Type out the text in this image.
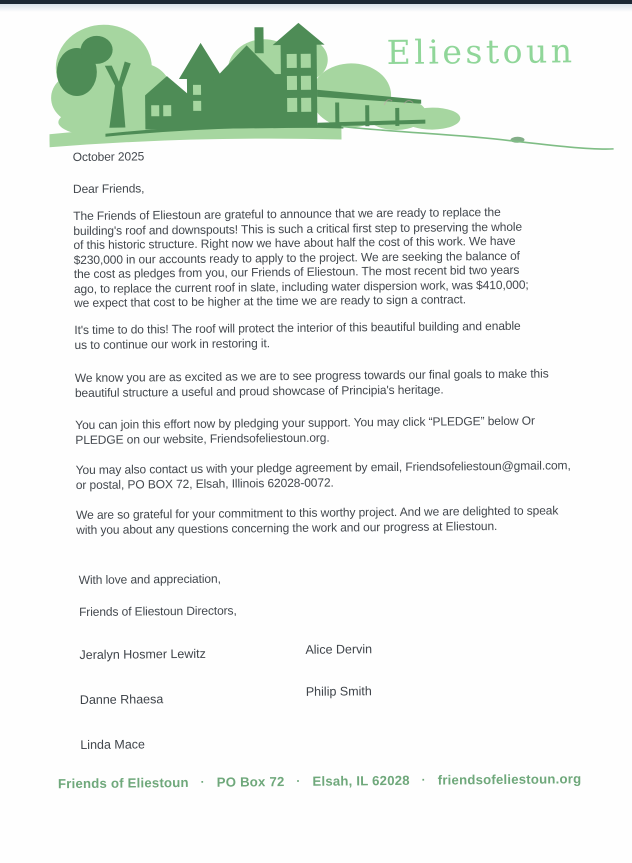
Eliestoun
October 2025
Dear Friends,
The Friends of Eliestoun are grateful to announce that we are ready to replace the
building's roof and downspouts! This is such a critical first step to preserving the whole
of this historic structure. Right now we have about half the cost of this work. We have
$230,000 in our accounts ready to apply to the project. We are seeking the balance of
the cost as pledges from you, our Friends of Eliestoun. The most recent bid two years
ago, to replace the current roof in slate, including water dispersion work, was $410,000;
we expect that cost to be higher at the time we are ready to sign a contract.
It's time to do this! The roof will protect the interior of this beautiful building and enable
us to continue our work in restoring it.
We know you are as excited as we are to see progress towards our final goals to make this
beautiful structure a useful and proud showcase of Principia's heritage.
You can join this effort now by pledging your support. You may click “PLEDGE” below Or
PLEDGE on our website, Friendsofeliestoun.org.
You may also contact us with your pledge agreement by email, Friendsofeliestoun@gmail.com,
or postal, PO BOX 72, Elsah, Illinois 62028-0072.
We are so grateful for your commitment to this worthy project. And we are delighted to speak
with you about any questions concerning the work and our progress at Eliestoun.
With love and appreciation,
Friends of Eliestoun Directors,
Jeralyn Hosmer Lewitz
Danne Rhaesa
Linda Mace
Alice Dervin
Philip Smith
Friends of Eliestoun · PO Box 72 · Elsah, IL 62028 · friendsofeliestoun.org
